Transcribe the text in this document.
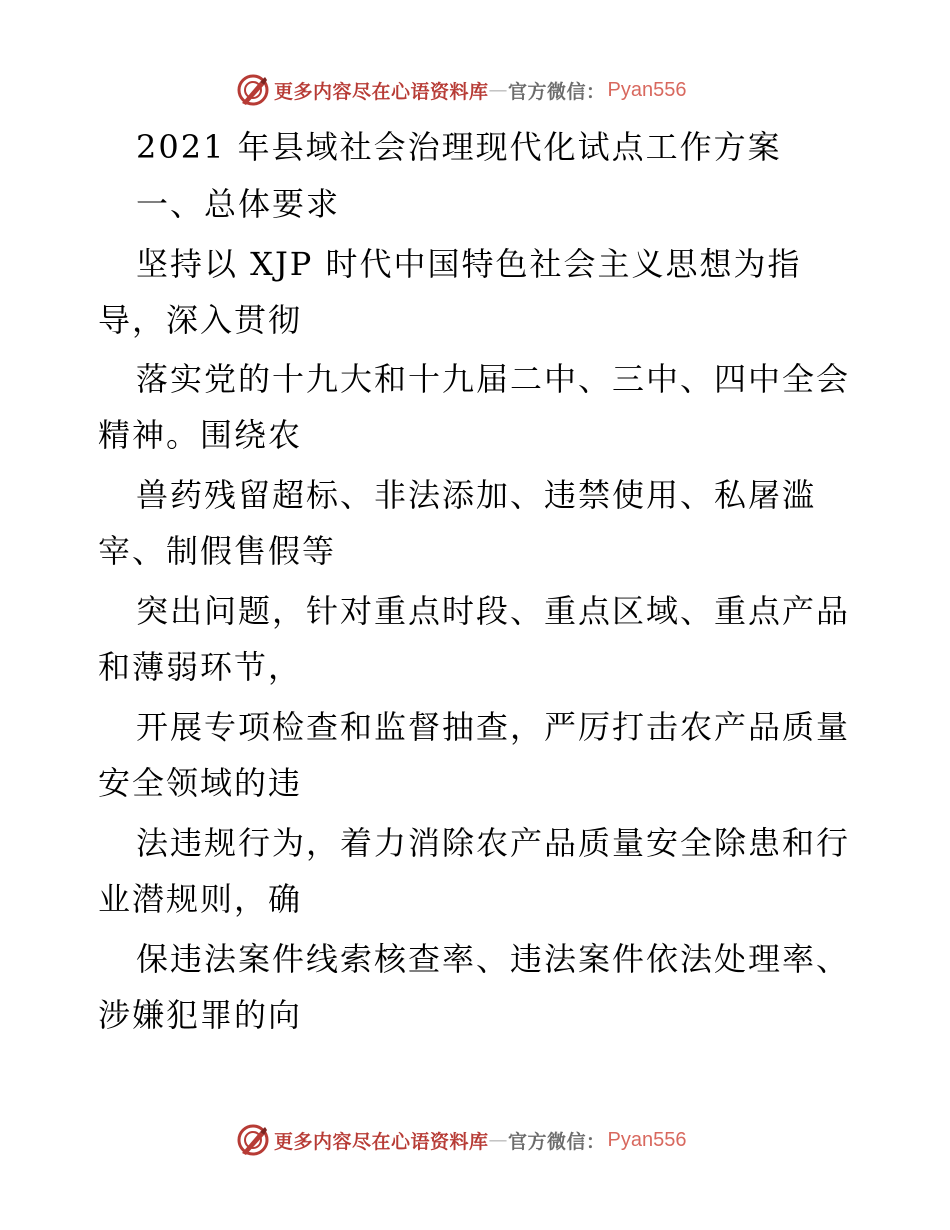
更多内容尽在心语资料库 — 官方微信： Pyan556
2021 年县域社会治理现代化试点工作方案
一、总体要求
坚持以 XJP 时代中国特色社会主义思想为指
导，深入贯彻
落实党的十九大和十九届二中、三中、四中全会
精神。围绕农
兽药残留超标、非法添加、违禁使用、私屠滥
宰、制假售假等
突出问题，针对重点时段、重点区域、重点产品
和薄弱环节，
开展专项检查和监督抽查，严厉打击农产品质量
安全领域的违
法违规行为，着力消除农产品质量安全除患和行
业潜规则，确
保违法案件线索核查率、违法案件依法处理率、
涉嫌犯罪的向
更多内容尽在心语资料库 — 官方微信： Pyan556
